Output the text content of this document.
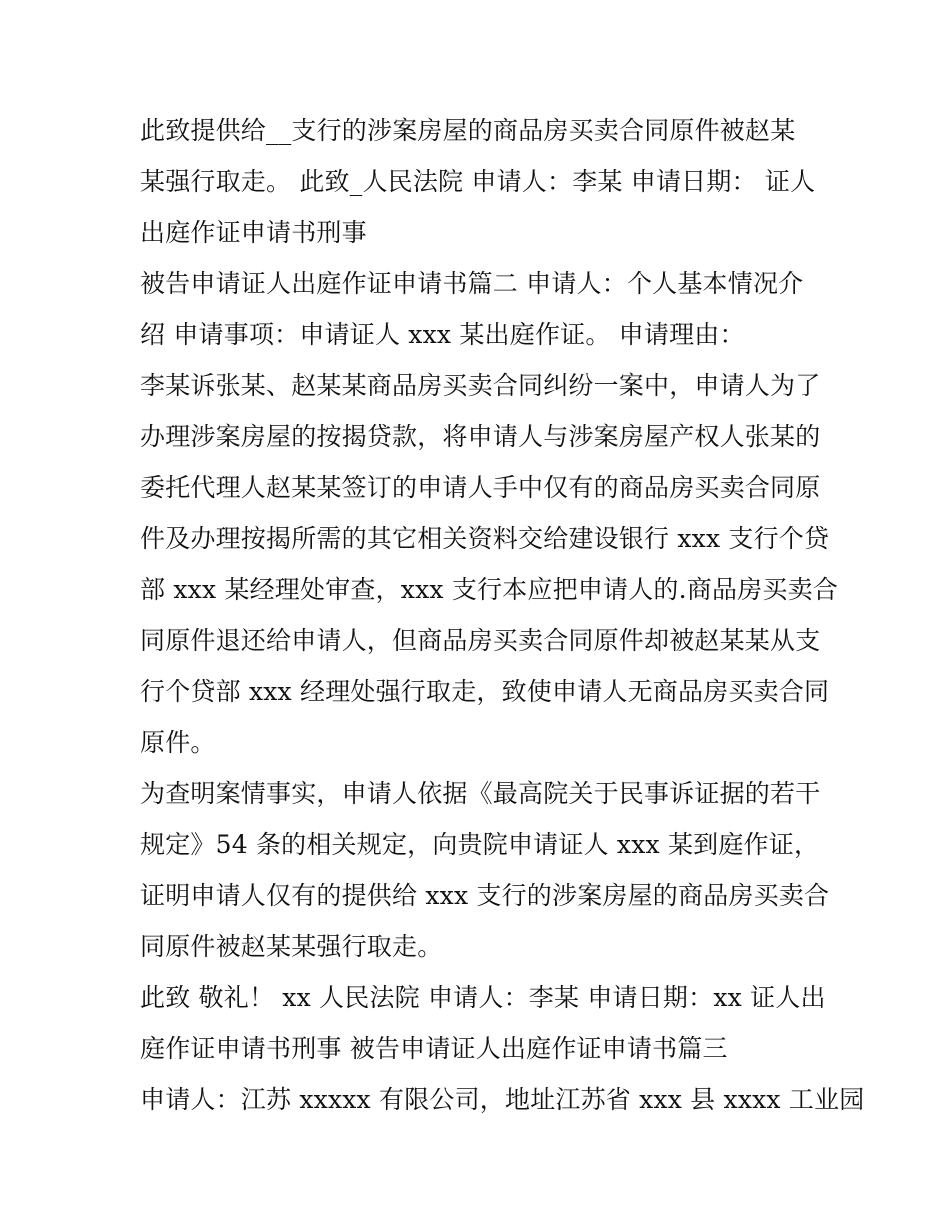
此致提供给__支行的涉案房屋的商品房买卖合同原件被赵某
某强行取走。 此致_人民法院 申请人：李某 申请日期： 证人
出庭作证申请书刑事
被告申请证人出庭作证申请书篇二 申请人：个人基本情况介
绍 申请事项：申请证人 xxx 某出庭作证。 申请理由：
李某诉张某、赵某某商品房买卖合同纠纷一案中，申请人为了
办理涉案房屋的按揭贷款，将申请人与涉案房屋产权人张某的
委托代理人赵某某签订的申请人手中仅有的商品房买卖合同原
件及办理按揭所需的其它相关资料交给建设银行 xxx 支行个贷
部 xxx 某经理处审查，xxx 支行本应把申请人的.商品房买卖合
同原件退还给申请人，但商品房买卖合同原件却被赵某某从支
行个贷部 xxx 经理处强行取走，致使申请人无商品房买卖合同
原件。
为查明案情事实，申请人依据《最高院关于民事诉证据的若干
规定》54 条的相关规定，向贵院申请证人 xxx 某到庭作证，
证明申请人仅有的提供给 xxx 支行的涉案房屋的商品房买卖合
同原件被赵某某强行取走。
此致 敬礼！ xx 人民法院 申请人：李某 申请日期：xx 证人出
庭作证申请书刑事 被告申请证人出庭作证申请书篇三
申请人：江苏 xxxxx 有限公司，地址江苏省 xxx 县 xxxx 工业园
